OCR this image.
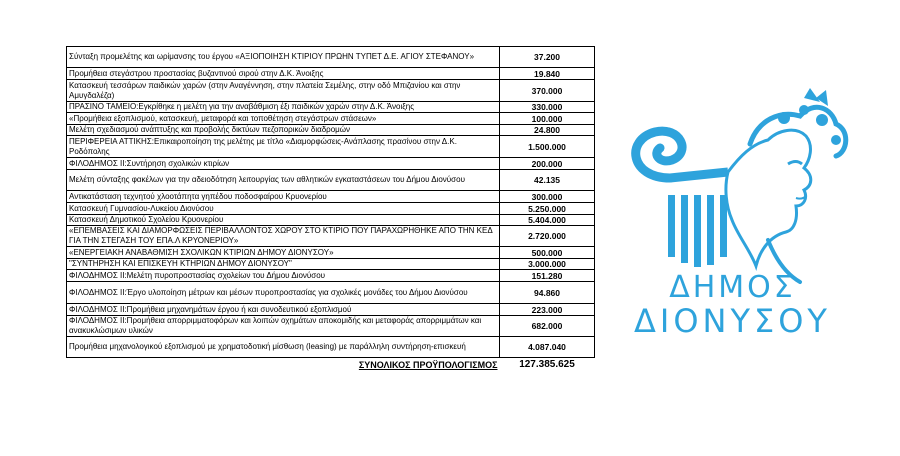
Σύνταξη προμελέτης και ωρίμανσης του έργου «ΑΞΙΟΠΟΙΗΣΗ ΚΤΙΡΙΟΥ ΠΡΩΗΝ ΤΥΠΕΤ Δ.Ε. ΑΓΙΟΥ ΣΤΕΦΑΝΟΥ»	37.200
Προμήθεια στεγάστρου προστασίας βυζαντινού σιρού στην Δ.Κ. Άνοιξης	19.840
Κατασκευή τεσσάρων παιδικών χαρών (στην Αναγέννηση, στην πλατεία Σεμέλης, στην οδό Μπιζανίου και στην Αμυγδαλέζα)	370.000
ΠΡΑΣΙΝΟ ΤΑΜΕΙΟ:Εγκρίθηκε η μελέτη για την αναβάθμιση έξι παιδικών χαρών στην Δ.Κ. Άνοιξης	330.000
«Προμήθεια εξοπλισμού, κατασκευή, μεταφορά και τοποθέτηση στεγάστρων στάσεων»	100.000
Μελέτη σχεδιασμού ανάπτυξης και προβολής δικτύων πεζοπορικών διαδρομών	24.800
ΠΕΡΙΦΕΡΕΙΑ ΑΤΤΙΚΗΣ:Επικαιροποίηση της μελέτης με τίτλο «Διαμορφώσεις-Ανάπλασης πρασίνου στην Δ.Κ. Ροδόπολης	1.500.000
ΦΙΛΟΔΗΜΟΣ ΙΙ:Συντήρηση σχολικών κτιρίων	200.000
Μελέτη σύνταξης φακέλων για την αδειοδότηση λειτουργίας των αθλητικών εγκαταστάσεων του Δήμου Διονύσου	42.135
Αντικατάσταση τεχνητού χλοοτάπητα γηπέδου ποδοσφαίρου Κρυονερίου	300.000
Κατασκευή Γυμνασίου-Λυκείου Διονύσου	5.250.000
Κατασκευή Δημοτικού Σχολείου Κρυονερίου	5.404.000
«ΕΠΕΜΒΑΣΕΙΣ ΚΑΙ ΔΙΑΜΟΡΦΩΣΕΙΣ ΠΕΡΙΒΑΛΛΟΝΤΟΣ ΧΩΡΟΥ ΣΤΟ ΚΤΙΡΙΟ ΠΟΥ ΠΑΡΑΧΩΡΗΘΗΚΕ ΑΠΟ ΤΗΝ ΚΕΔ ΓΙΑ ΤΗΝ ΣΤΕΓΑΣΗ ΤΟΥ ΕΠΑ.Λ ΚΡΥΟΝΕΡΙΟΥ»	2.720.000
«ΕΝΕΡΓΕΙΑΚΗ ΑΝΑΒΑΘΜΙΣΗ ΣΧΟΛΙΚΩΝ ΚΤΙΡΙΩΝ ΔΗΜΟΥ ΔΙΟΝΥΣΟΥ»	500.000
"ΣΥΝΤΗΡΗΣΗ ΚΑΙ ΕΠΙΣΚΕΥΗ ΚΤΗΡΙΩΝ ΔΗΜΟΥ ΔΙΟΝΥΣΟΥ"	3.000.000
ΦΙΛΟΔΗΜΟΣ ΙΙ:Μελέτη πυροπροστασίας σχολείων του Δήμου Διονύσου	151.280
ΦΙΛΟΔΗΜΟΣ ΙΙ:Έργο υλοποίηση μέτρων και μέσων πυροπροστασίας για σχολικές μονάδες του Δήμου Διονύσου	94.860
ΦΙΛΟΔΗΜΟΣ ΙΙ:Προμήθεια μηχανημάτων έργου ή και συνοδευτικού εξοπλισμού	223.000
ΦΙΛΟΔΗΜΟΣ ΙΙ:Προμήθεια απορριμματοφόρων και λοιπών οχημάτων αποκομιδής και μεταφοράς απορριμμάτων και ανακυκλώσιμων υλικών	682.000
Προμήθεια μηχανολογικού εξοπλισμού με χρηματοδοτική μίσθωση (leasing) με παράλληλη συντήρηση-επισκευή	4.087.040
ΣΥΝΟΛΙΚΟΣ ΠΡΟΫΠΟΛΟΓΙΣΜΟΣ	127.385.625
ΔΗΜΟΣ
ΔΙΟΝΥΣΟΥ
